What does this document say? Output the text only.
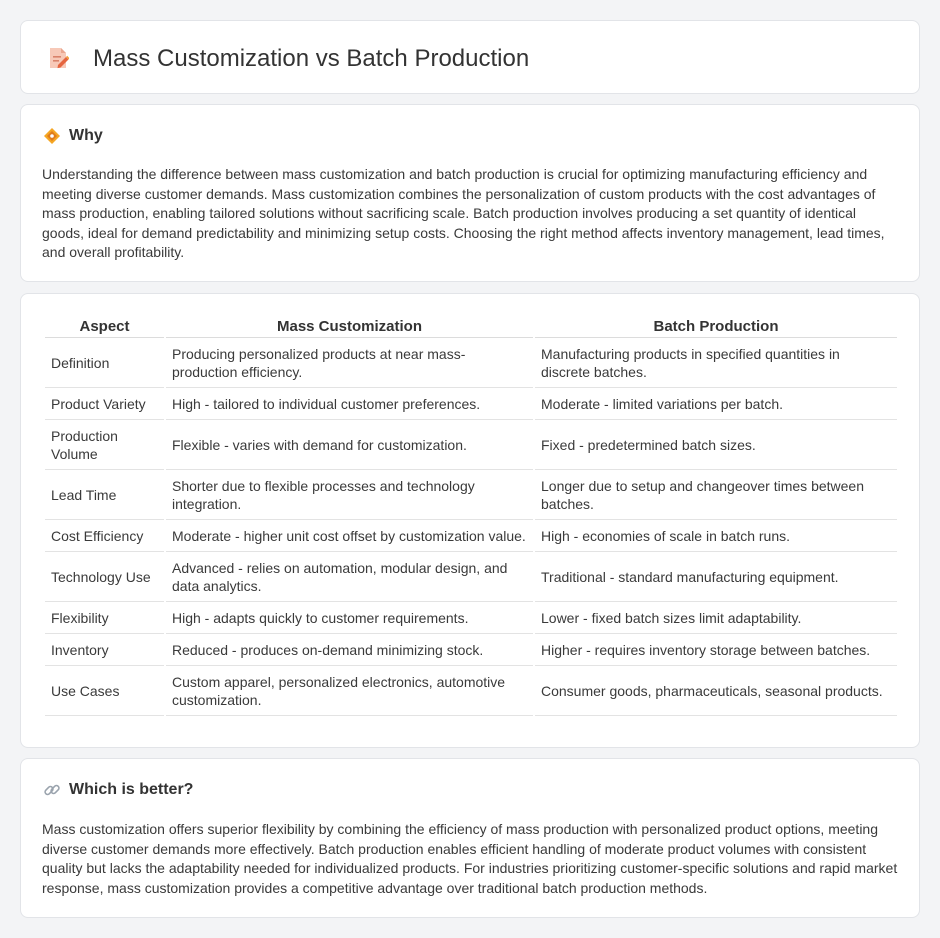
Mass Customization vs Batch Production
Why

Understanding the difference between mass customization and batch production is crucial for optimizing manufacturing efficiency and meeting diverse customer demands. Mass customization combines the personalization of custom products with the cost advantages of mass production, enabling tailored solutions without sacrificing scale. Batch production involves producing a set quantity of identical goods, ideal for demand predictability and minimizing setup costs. Choosing the right method affects inventory management, lead times, and overall profitability.

Aspect	Mass Customization	Batch Production
Definition	Producing personalized products at near mass-production efficiency.	Manufacturing products in specified quantities in discrete batches.
Product Variety	High - tailored to individual customer preferences.	Moderate - limited variations per batch.
Production Volume	Flexible - varies with demand for customization.	Fixed - predetermined batch sizes.
Lead Time	Shorter due to flexible processes and technology integration.	Longer due to setup and changeover times between batches.
Cost Efficiency	Moderate - higher unit cost offset by customization value.	High - economies of scale in batch runs.
Technology Use	Advanced - relies on automation, modular design, and data analytics.	Traditional - standard manufacturing equipment.
Flexibility	High - adapts quickly to customer requirements.	Lower - fixed batch sizes limit adaptability.
Inventory	Reduced - produces on-demand minimizing stock.	Higher - requires inventory storage between batches.
Use Cases	Custom apparel, personalized electronics, automotive customization.	Consumer goods, pharmaceuticals, seasonal products.
Which is better?

Mass customization offers superior flexibility by combining the efficiency of mass production with personalized product options, meeting diverse customer demands more effectively. Batch production enables efficient handling of moderate product volumes with consistent quality but lacks the adaptability needed for individualized products. For industries prioritizing customer-specific solutions and rapid market response, mass customization provides a competitive advantage over traditional batch production methods.
